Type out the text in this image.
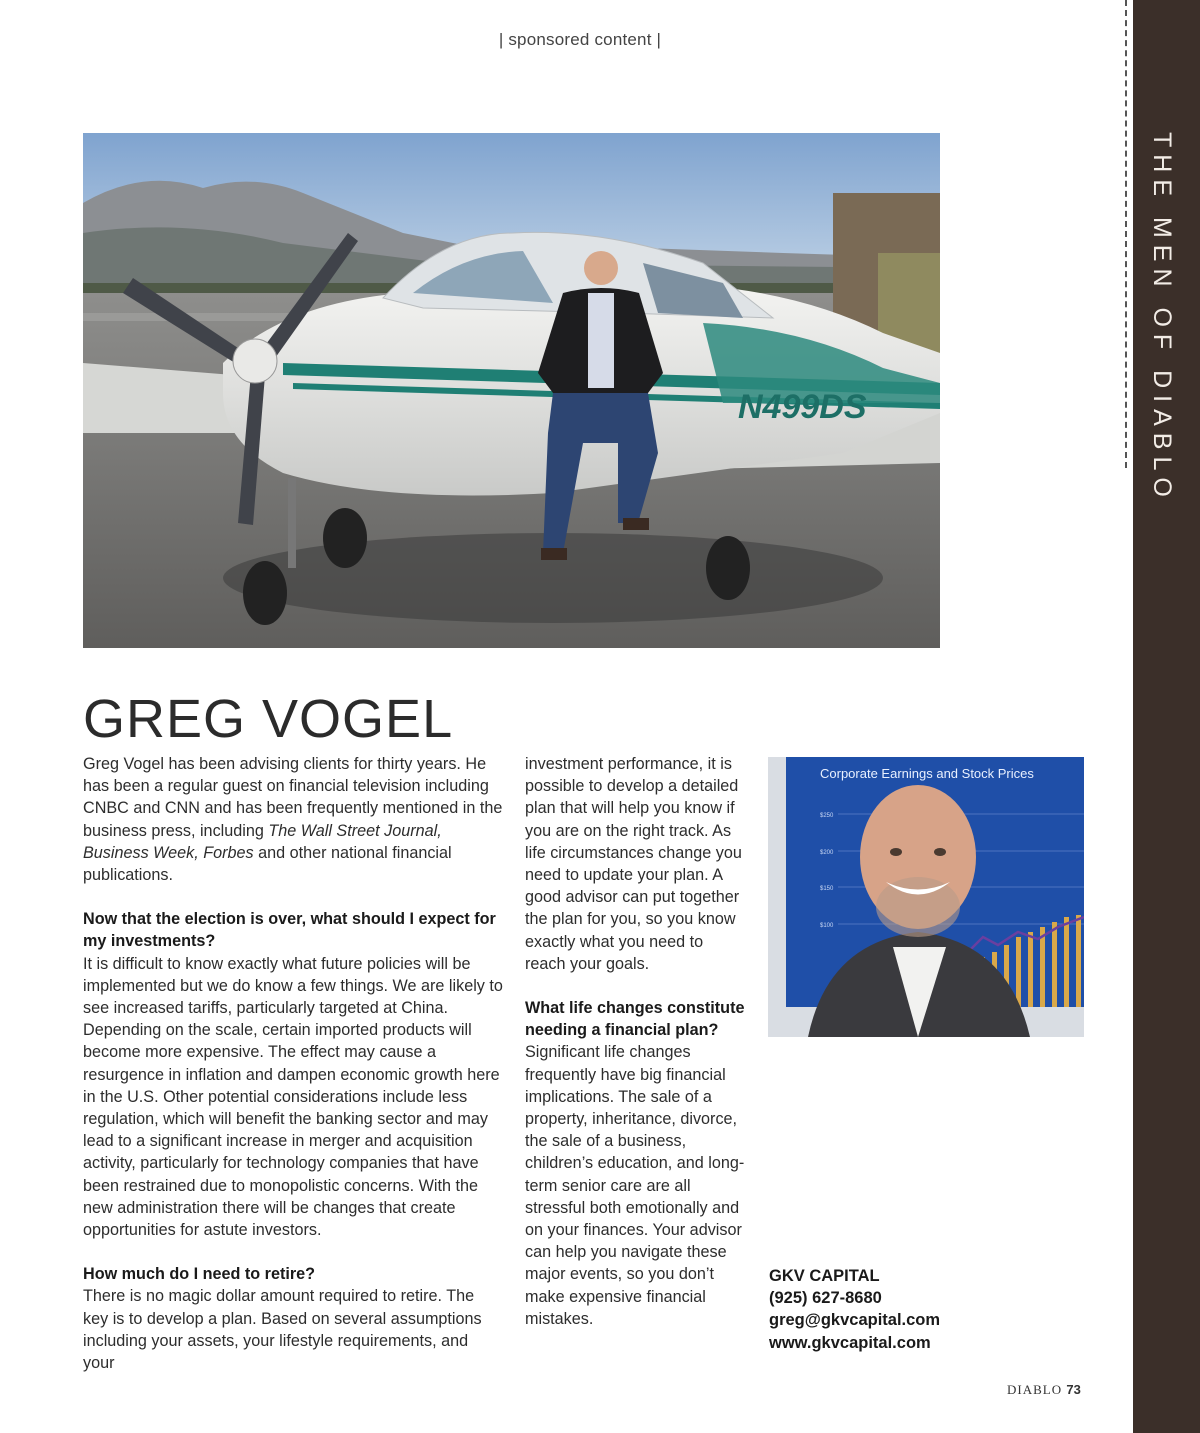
| sponsored content |
THE MEN OF DIABLO
N499DS
GREG VOGEL

Greg Vogel has been advising clients for thirty years. He has been a regular guest on financial television including CNBC and CNN and has been frequently mentioned in the business press, including The Wall Street Journal, Business Week, Forbes and other national financial publications.

Now that the election is over, what should I expect for my investments?
It is difficult to know exactly what future policies will be implemented but we do know a few things. We are likely to see increased tariffs, particularly targeted at China. Depending on the scale, certain imported products will become more expensive. The effect may cause a resurgence in inflation and dampen economic growth here in the U.S. Other potential considerations include less regulation, which will benefit the banking sector and may lead to a significant increase in merger and acquisition activity, particularly for technology companies that have been restrained due to monopolistic concerns. With the new administration there will be changes that create opportunities for astute investors.

How much do I need to retire?
There is no magic dollar amount required to retire. The key is to develop a plan. Based on several assumptions including your assets, your lifestyle requirements, and your

investment performance, it is possible to develop a detailed plan that will help you know if you are on the right track. As life circumstances change you need to update your plan. A good advisor can put together the plan for you, so you know exactly what you need to reach your goals.

What life changes constitute needing a financial plan?
Significant life changes frequently have big financial implications. The sale of a property, inheritance, divorce, the sale of a business, children’s education, and long-term senior care are all stressful both emotionally and on your finances. Your advisor can help you navigate these major events, so you don’t make expensive financial mistakes.

Corporate Earnings and Stock Prices
$250
$200
$150
$100
GKV CAPITAL
(925) 627-8680
greg@gkvcapital.com
www.gkvcapital.com
DIABLO 73
